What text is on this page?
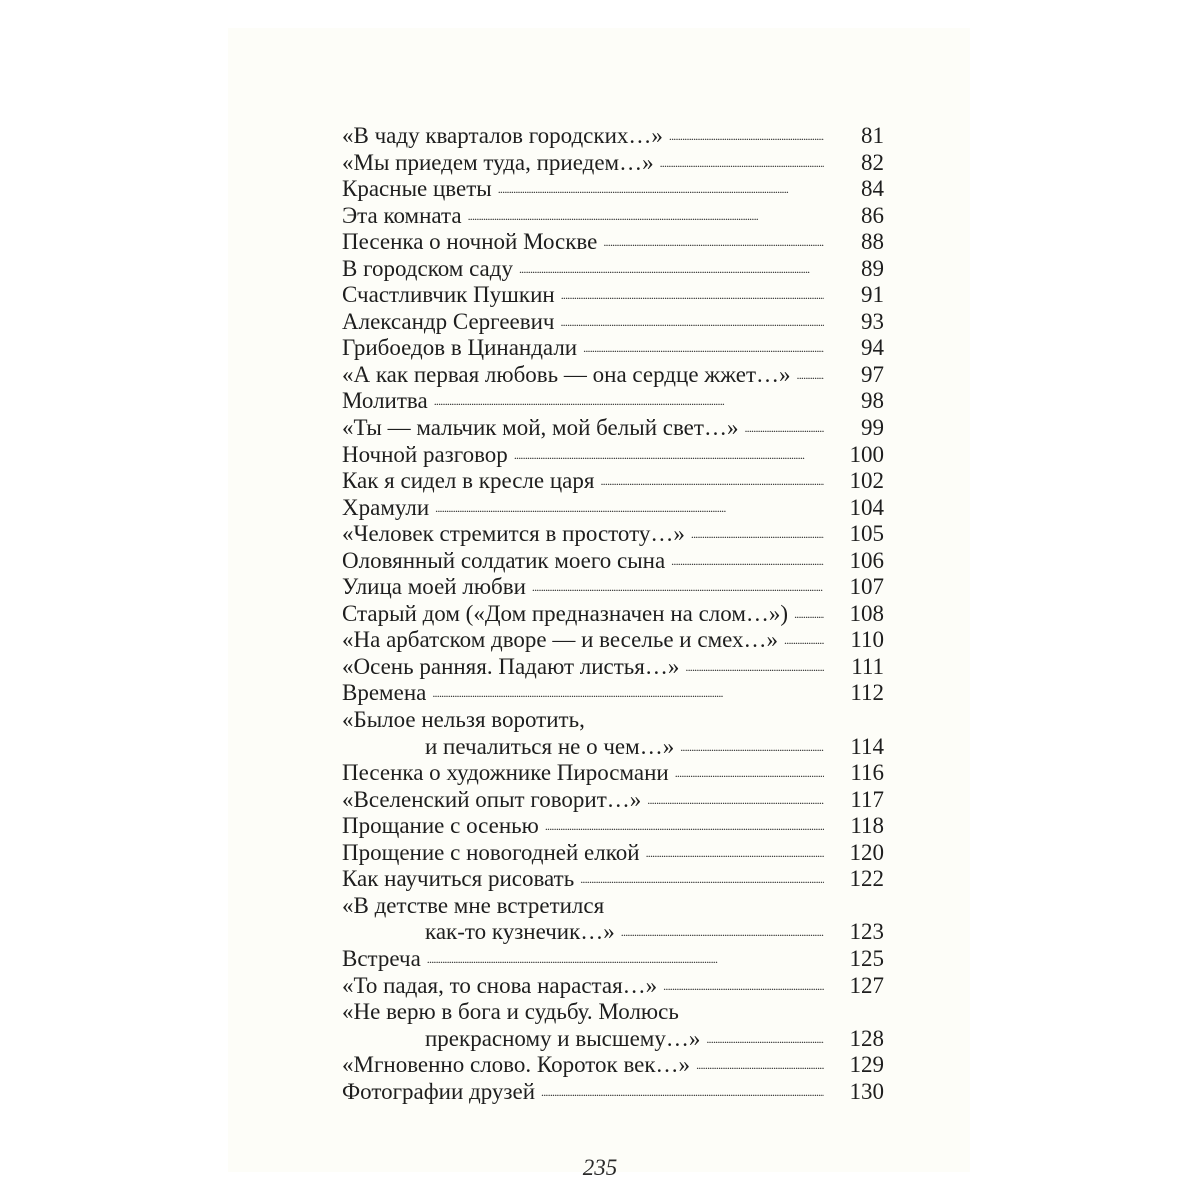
«В чаду кварталов городских…» . . .	81
«Мы приедем туда, приедем…» . . .	82
Красные цветы . . .	84
Эта комната . . .	86
Песенка о ночной Москве . . .	88
В городском саду . . .	89
Счастливчик Пушкин . . .	91
Александр Сергеевич . . .	93
Грибоедов в Цинандали . . .	94
«А как первая любовь — она сердце жжет…» . . .	97
Молитва . . .	98
«Ты — мальчик мой, мой белый свет…» . . .	99
Ночной разговор . . .	100
Как я сидел в кресле царя . . .	102
Храмули . . .	104
«Человек стремится в простоту…» . . .	105
Оловянный солдатик моего сына . . .	106
Улица моей любви . . .	107
Старый дом («Дом предназначен на слом…») . . .	108
«На арбатском дворе — и веселье и смех…» . . .	110
«Осень ранняя. Падают листья…» . . .	111
Времена . . .	112
«Былое нельзя воротить,
и печалиться не о чем…» . . .	114
Песенка о художнике Пиросмани . . .	116
«Вселенский опыт говорит…» . . .	117
Прощание с осенью . . .	118
Прощение с новогодней елкой . . .	120
Как научиться рисовать . . .	122
«В детстве мне встретился
как-то кузнечик…» . . .	123
Встреча . . .	125
«То падая, то снова нарастая…» . . .	127
«Не верю в бога и судьбу. Молюсь
прекрасному и высшему…» . . .	128
«Мгновенно слово. Короток век…» . . .	129
Фотографии друзей . . .	130
235
